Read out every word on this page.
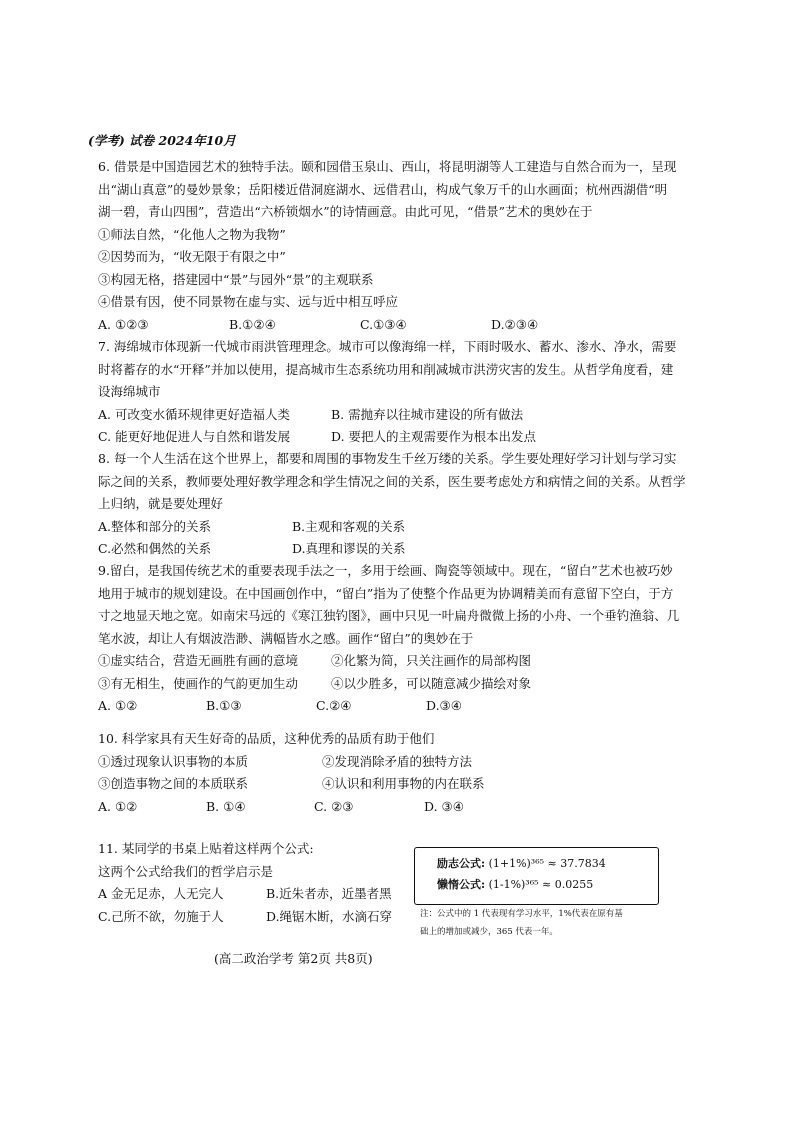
(学考) 试卷 2024年10月
6. 借景是中国造园艺术的独特手法。颐和园借玉泉山、西山，将昆明湖等人工建造与自然合而为一，呈现
出“湖山真意”的曼妙景象；岳阳楼近借洞庭湖水、远借君山，构成气象万千的山水画面；杭州西湖借“明
湖一碧，青山四围”，营造出“六桥锁烟水”的诗情画意。由此可见，“借景”艺术的奥妙在于
①师法自然，“化他人之物为我物”
②因势而为，“收无限于有限之中”
③构园无格，搭建园中“景”与园外“景”的主观联系
④借景有因，使不同景物在虚与实、远与近中相互呼应
A. ①②③	B.①②④	C.①③④	D.②③④
7. 海绵城市体现新一代城市雨洪管理理念。城市可以像海绵一样，下雨时吸水、蓄水、渗水、净水，需要
时将蓄存的水“开释”并加以使用，提高城市生态系统功用和削减城市洪涝灾害的发生。从哲学角度看，建
设海绵城市
A. 可改变水循环规律更好造福人类	B. 需抛弃以往城市建设的所有做法
C. 能更好地促进人与自然和谐发展	D. 要把人的主观需要作为根本出发点
8. 每一个人生活在这个世界上，都要和周围的事物发生千丝万缕的关系。学生要处理好学习计划与学习实
际之间的关系，教师要处理好教学理念和学生情况之间的关系，医生要考虑处方和病情之间的关系。从哲学
上归纳，就是要处理好
A.整体和部分的关系	B.主观和客观的关系
C.必然和偶然的关系	D.真理和谬误的关系
9.留白，是我国传统艺术的重要表现手法之一，多用于绘画、陶瓷等领域中。现在，“留白”艺术也被巧妙
地用于城市的规划建设。在中国画创作中，“留白”指为了使整个作品更为协调精美而有意留下空白，于方
寸之地显天地之宽。如南宋马远的《寒江独钓图》，画中只见一叶扁舟微微上扬的小舟、一个垂钓渔翁、几
笔水波，却让人有烟波浩渺、满幅皆水之感。画作“留白”的奥妙在于
①虚实结合，营造无画胜有画的意境	②化繁为简，只关注画作的局部构图
③有无相生，使画作的气韵更加生动	④以少胜多，可以随意减少描绘对象
A. ①②	B.①③	C.②④	D.③④
10. 科学家具有天生好奇的品质，这种优秀的品质有助于他们
①透过现象认识事物的本质	②发现消除矛盾的独特方法
③创造事物之间的本质联系	④认识和利用事物的内在联系
A. ①②	B. ①④	C. ②③	D. ③④
11. 某同学的书桌上贴着这样两个公式:
这两个公式给我们的哲学启示是
A 金无足赤，人无完人	B.近朱者赤，近墨者黑
C.己所不欲，勿施于人	D.绳锯木断，水滴石穿
励志公式: (1+1%)³⁶⁵ ≈ 37.7834
懒惰公式: (1-1%)³⁶⁵ ≈ 0.0255
注：公式中的 1 代表现有学习水平，1%代表在原有基
础上的增加或减少，365 代表一年。
(高二政治学考 第2页 共8页)
